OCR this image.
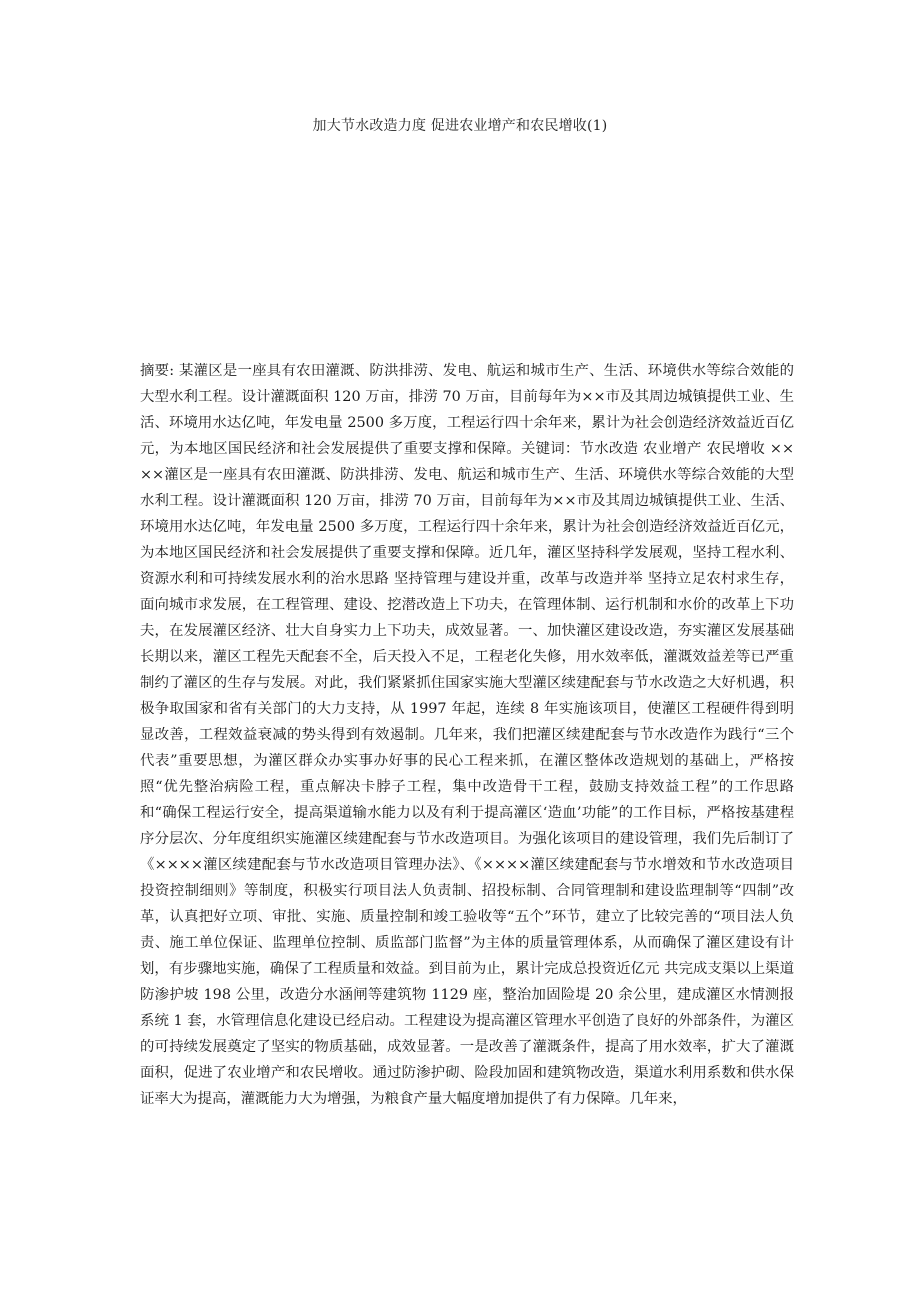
加大节水改造力度 促进农业增产和农民增收(1)
摘要: 某灌区是一座具有农田灌溉、防洪排涝、发电、航运和城市生产、生活、环境供水等综合效能的大型水利工程。设计灌溉面积 120 万亩，排涝 70 万亩，目前每年为××市及其周边城镇提供工业、生活、环境用水达亿吨，年发电量 2500 多万度，工程运行四十余年来，累计为社会创造经济效益近百亿元，为本地区国民经济和社会发展提供了重要支撑和保障。关键词：节水改造 农业增产 农民增收 ××××灌区是一座具有农田灌溉、防洪排涝、发电、航运和城市生产、生活、环境供水等综合效能的大型水利工程。设计灌溉面积 120 万亩，排涝 70 万亩，目前每年为××市及其周边城镇提供工业、生活、环境用水达亿吨，年发电量 2500 多万度，工程运行四十余年来，累计为社会创造经济效益近百亿元，为本地区国民经济和社会发展提供了重要支撑和保障。近几年，灌区坚持科学发展观，坚持工程水利、资源水利和可持续发展水利的治水思路 坚持管理与建设并重，改革与改造并举 坚持立足农村求生存，面向城市求发展，在工程管理、建设、挖潜改造上下功夫，在管理体制、运行机制和水价的改革上下功夫，在发展灌区经济、壮大自身实力上下功夫，成效显著。一、加快灌区建设改造，夯实灌区发展基础长期以来，灌区工程先天配套不全，后天投入不足，工程老化失修，用水效率低，灌溉效益差等已严重制约了灌区的生存与发展。对此，我们紧紧抓住国家实施大型灌区续建配套与节水改造之大好机遇，积极争取国家和省有关部门的大力支持，从 1997 年起，连续 8 年实施该项目，使灌区工程硬件得到明显改善，工程效益衰减的势头得到有效遏制。几年来，我们把灌区续建配套与节水改造作为践行“三个代表”重要思想，为灌区群众办实事办好事的民心工程来抓，在灌区整体改造规划的基础上，严格按照“优先整治病险工程，重点解决卡脖子工程，集中改造骨干工程，鼓励支持效益工程”的工作思路和“确保工程运行安全，提高渠道输水能力以及有利于提高灌区‘造血’功能”的工作目标，严格按基建程序分层次、分年度组织实施灌区续建配套与节水改造项目。为强化该项目的建设管理，我们先后制订了《××××灌区续建配套与节水改造项目管理办法》、《××××灌区续建配套与节水增效和节水改造项目投资控制细则》等制度，积极实行项目法人负责制、招投标制、合同管理制和建设监理制等“四制”改革，认真把好立项、审批、实施、质量控制和竣工验收等“五个”环节，建立了比较完善的“项目法人负责、施工单位保证、监理单位控制、质监部门监督”为主体的质量管理体系，从而确保了灌区建设有计划，有步骤地实施，确保了工程质量和效益。到目前为止，累计完成总投资近亿元 共完成支渠以上渠道防渗护坡 198 公里，改造分水涵闸等建筑物 1129 座，整治加固险堤 20 余公里，建成灌区水情测报系统 1 套，水管理信息化建设已经启动。工程建设为提高灌区管理水平创造了良好的外部条件，为灌区的可持续发展奠定了坚实的物质基础，成效显著。一是改善了灌溉条件，提高了用水效率，扩大了灌溉面积，促进了农业增产和农民增收。通过防渗护砌、险段加固和建筑物改造，渠道水利用系数和供水保证率大为提高，灌溉能力大为增强，为粮食产量大幅度增加提供了有力保障。几年来，
